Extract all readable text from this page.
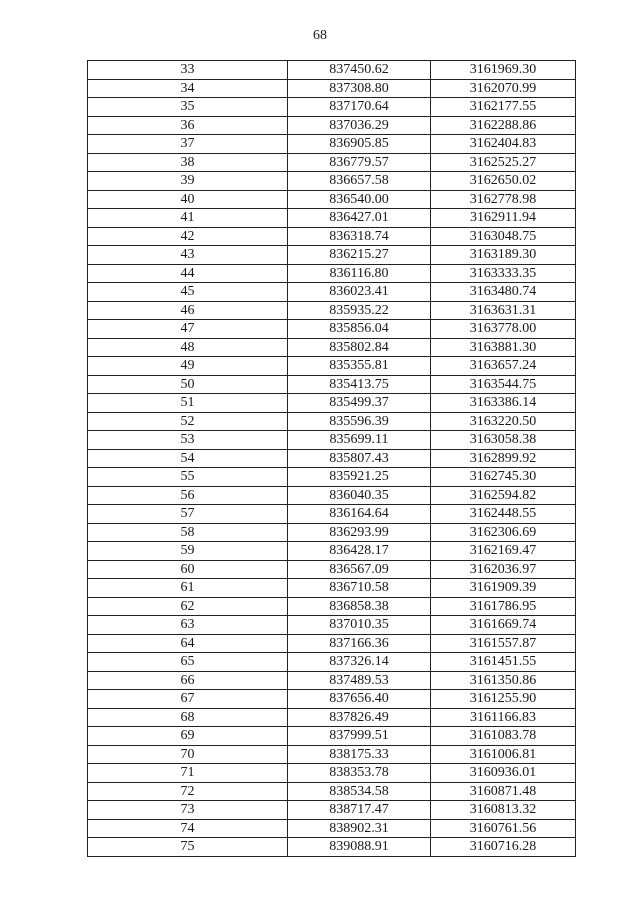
68
33	837450.62	3161969.30
34	837308.80	3162070.99
35	837170.64	3162177.55
36	837036.29	3162288.86
37	836905.85	3162404.83
38	836779.57	3162525.27
39	836657.58	3162650.02
40	836540.00	3162778.98
41	836427.01	3162911.94
42	836318.74	3163048.75
43	836215.27	3163189.30
44	836116.80	3163333.35
45	836023.41	3163480.74
46	835935.22	3163631.31
47	835856.04	3163778.00
48	835802.84	3163881.30
49	835355.81	3163657.24
50	835413.75	3163544.75
51	835499.37	3163386.14
52	835596.39	3163220.50
53	835699.11	3163058.38
54	835807.43	3162899.92
55	835921.25	3162745.30
56	836040.35	3162594.82
57	836164.64	3162448.55
58	836293.99	3162306.69
59	836428.17	3162169.47
60	836567.09	3162036.97
61	836710.58	3161909.39
62	836858.38	3161786.95
63	837010.35	3161669.74
64	837166.36	3161557.87
65	837326.14	3161451.55
66	837489.53	3161350.86
67	837656.40	3161255.90
68	837826.49	3161166.83
69	837999.51	3161083.78
70	838175.33	3161006.81
71	838353.78	3160936.01
72	838534.58	3160871.48
73	838717.47	3160813.32
74	838902.31	3160761.56
75	839088.91	3160716.28
